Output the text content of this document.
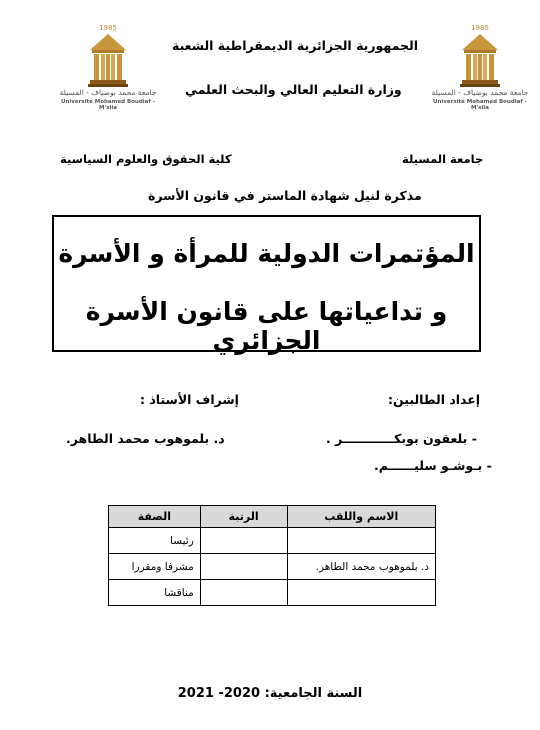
1985
جامعة محمد بوضياف - المسيلة
Université Mohamed Boudiaf - M'sila
1985
جامعة محمد بوضياف - المسيلة
Université Mohamed Boudiaf - M'sila
الجمهورية الجزائرية الديمقراطية الشعبة
وزارة التعليم العالي والبحث العلمي
جامعة المسيلة
كلية الحقوق والعلوم السياسية
مذكرة لنيل شهادة الماستر في قانون الأسرة
المؤتمرات الدولية للمرأة و الأسرة
و تداعياتها على قانون الأسرة الجزائري
إعداد الطالبين:
إشراف الأستاذ :
- بلعقون بوبكــــــــــــر .
د. بلموهوب محمد الطاهر.
- بـوشـو سليــــــم.
الاسم واللقب	الرتبة	الصفة
		رئيسا
د. بلموهوب محمد الطاهر.		مشرفا ومقررا
		مناقشا
السنة الجامعية: 2020- 2021
